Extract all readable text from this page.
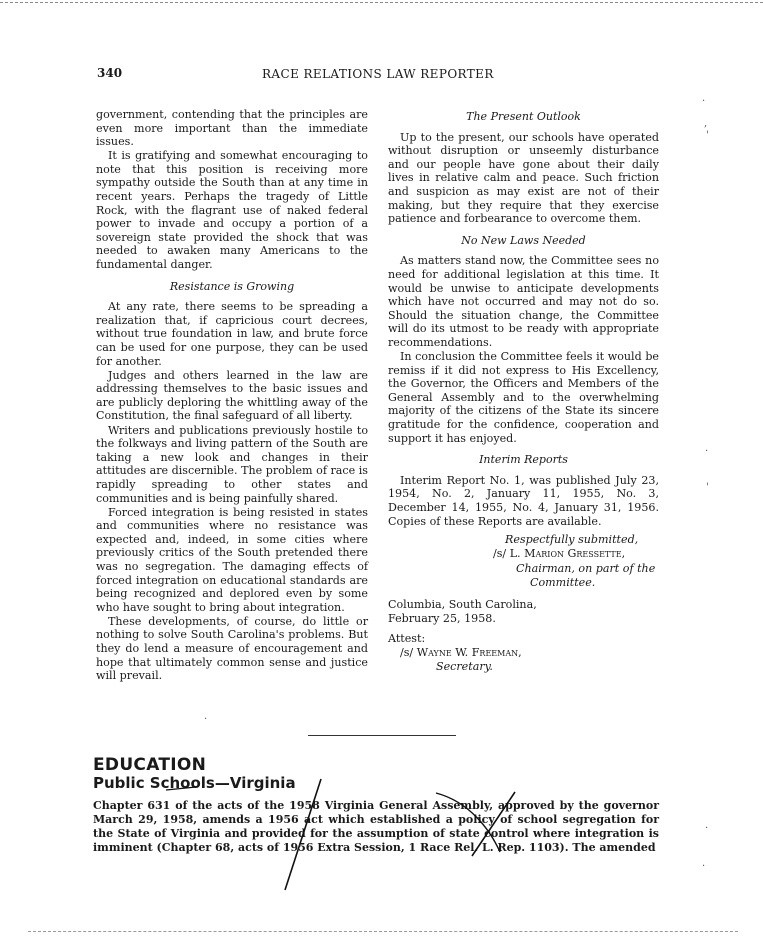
340	RACE RELATIONS LAW REPORTER

government, contending that the principles are even more important than the immediate issues.

It is gratifying and somewhat encouraging to note that this position is receiving more sympathy outside the South than at any time in recent years. Perhaps the tragedy of Little Rock, with the flagrant use of naked federal power to invade and occupy a portion of a sovereign state provided the shock that was needed to awaken many Americans to the fundamental danger.

Resistance is Growing

At any rate, there seems to be spreading a realization that, if capricious court decrees, without true foundation in law, and brute force can be used for one purpose, they can be used for another.

Judges and others learned in the law are addressing themselves to the basic issues and are publicly deploring the whittling away of the Constitution, the final safeguard of all liberty.

Writers and publications previously hostile to the folkways and living pattern of the South are taking a new look and changes in their attitudes are discernible. The problem of race is rapidly spreading to other states and communities and is being painfully shared.

Forced integration is being resisted in states and communities where no resistance was expected and, indeed, in some cities where previously critics of the South pretended there was no segregation. The damaging effects of forced integration on educational standards are being recognized and deplored even by some who have sought to bring about integration.

These developments, of course, do little or nothing to solve South Carolina's problems. But they do lend a measure of encouragement and hope that ultimately common sense and justice will prevail.

The Present Outlook

Up to the present, our schools have operated without disruption or unseemly disturbance and our people have gone about their daily lives in relative calm and peace. Such friction and suspicion as may exist are not of their making, but they require that they exercise patience and forbearance to overcome them.

No New Laws Needed

As matters stand now, the Committee sees no need for additional legislation at this time. It would be unwise to anticipate developments which have not occurred and may not do so. Should the situation change, the Committee will do its utmost to be ready with appropriate recommendations.

In conclusion the Committee feels it would be remiss if it did not express to His Excellency, the Governor, the Officers and Members of the General Assembly and to the overwhelming majority of the citizens of the State its sincere gratitude for the confidence, cooperation and support it has enjoyed.

Interim Reports

Interim Report No. 1, was published July 23, 1954, No. 2, January 11, 1955, No. 3, December 14, 1955, No. 4, January 31, 1956. Copies of these Reports are available.

Respectfully submitted,
/s/ L. Marion Gressette,
Chairman, on part of the
Committee.
Columbia, South Carolina,
February 25, 1958.
Attest:
/s/ Wayne W. Freeman,
Secretary.
EDUCATION
Public Schools—Virginia
Chapter 631 of the acts of the 1958 Virginia General Assembly, approved by the governor March 29, 1958, amends a 1956 act which established a policy of school segregation for the State of Virginia and provided for the assumption of state control where integration is imminent (Chapter 68, acts of 1956 Extra Session, 1 Race Rel. L. Rep. 1103). The amended
·
,
'
·
'
·
·
·
